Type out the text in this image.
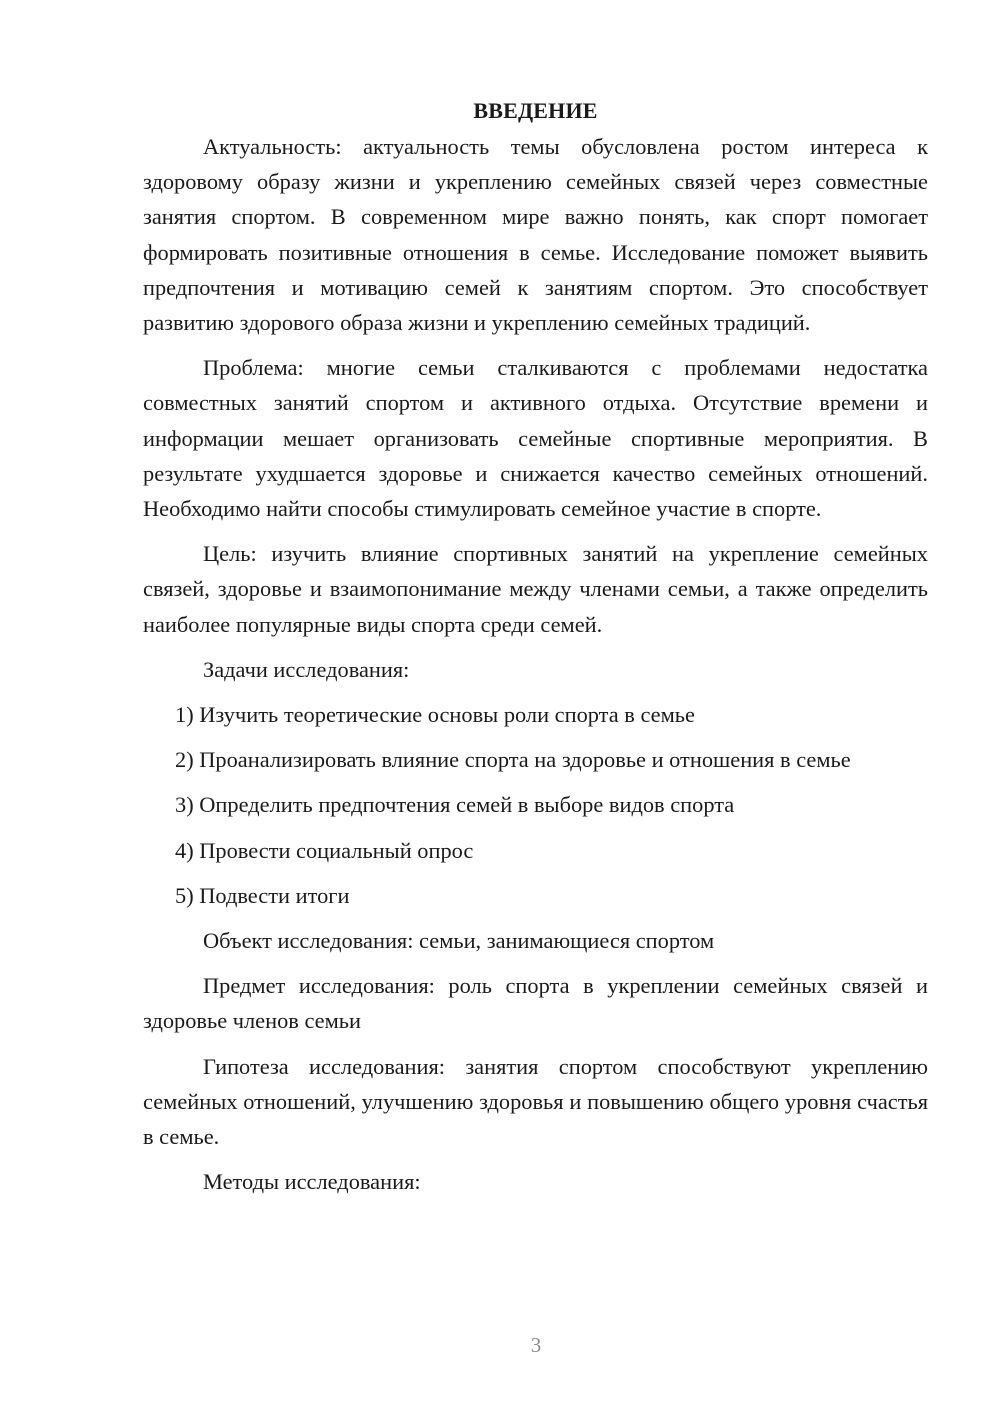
ВВЕДЕНИЕ

Актуальность: актуальность темы обусловлена ростом интереса к здоровому образу жизни и укреплению семейных связей через совместные занятия спортом. В современном мире важно понять, как спорт помогает формировать позитивные отношения в семье. Исследование поможет выявить предпочтения и мотивацию семей к занятиям спортом. Это способствует развитию здорового образа жизни и укреплению семейных традиций.

Проблема: многие семьи сталкиваются с проблемами недостатка совместных занятий спортом и активного отдыха. Отсутствие времени и информации мешает организовать семейные спортивные мероприятия. В результате ухудшается здоровье и снижается качество семейных отношений. Необходимо найти способы стимулировать семейное участие в спорте.

Цель: изучить влияние спортивных занятий на укрепление семейных связей, здоровье и взаимопонимание между членами семьи, а также определить наиболее популярные виды спорта среди семей.

Задачи исследования:
1) Изучить теоретические основы роли спорта в семье
2) Проанализировать влияние спорта на здоровье и отношения в семье
3) Определить предпочтения семей в выборе видов спорта
4) Провести социальный опрос
5) Подвести итоги
Объект исследования: семьи, занимающиеся спортом

Предмет исследования: роль спорта в укреплении семейных связей и здоровье членов семьи

Гипотеза исследования: занятия спортом способствуют укреплению семейных отношений, улучшению здоровья и повышению общего уровня счастья в семье.

Методы исследования:
3
